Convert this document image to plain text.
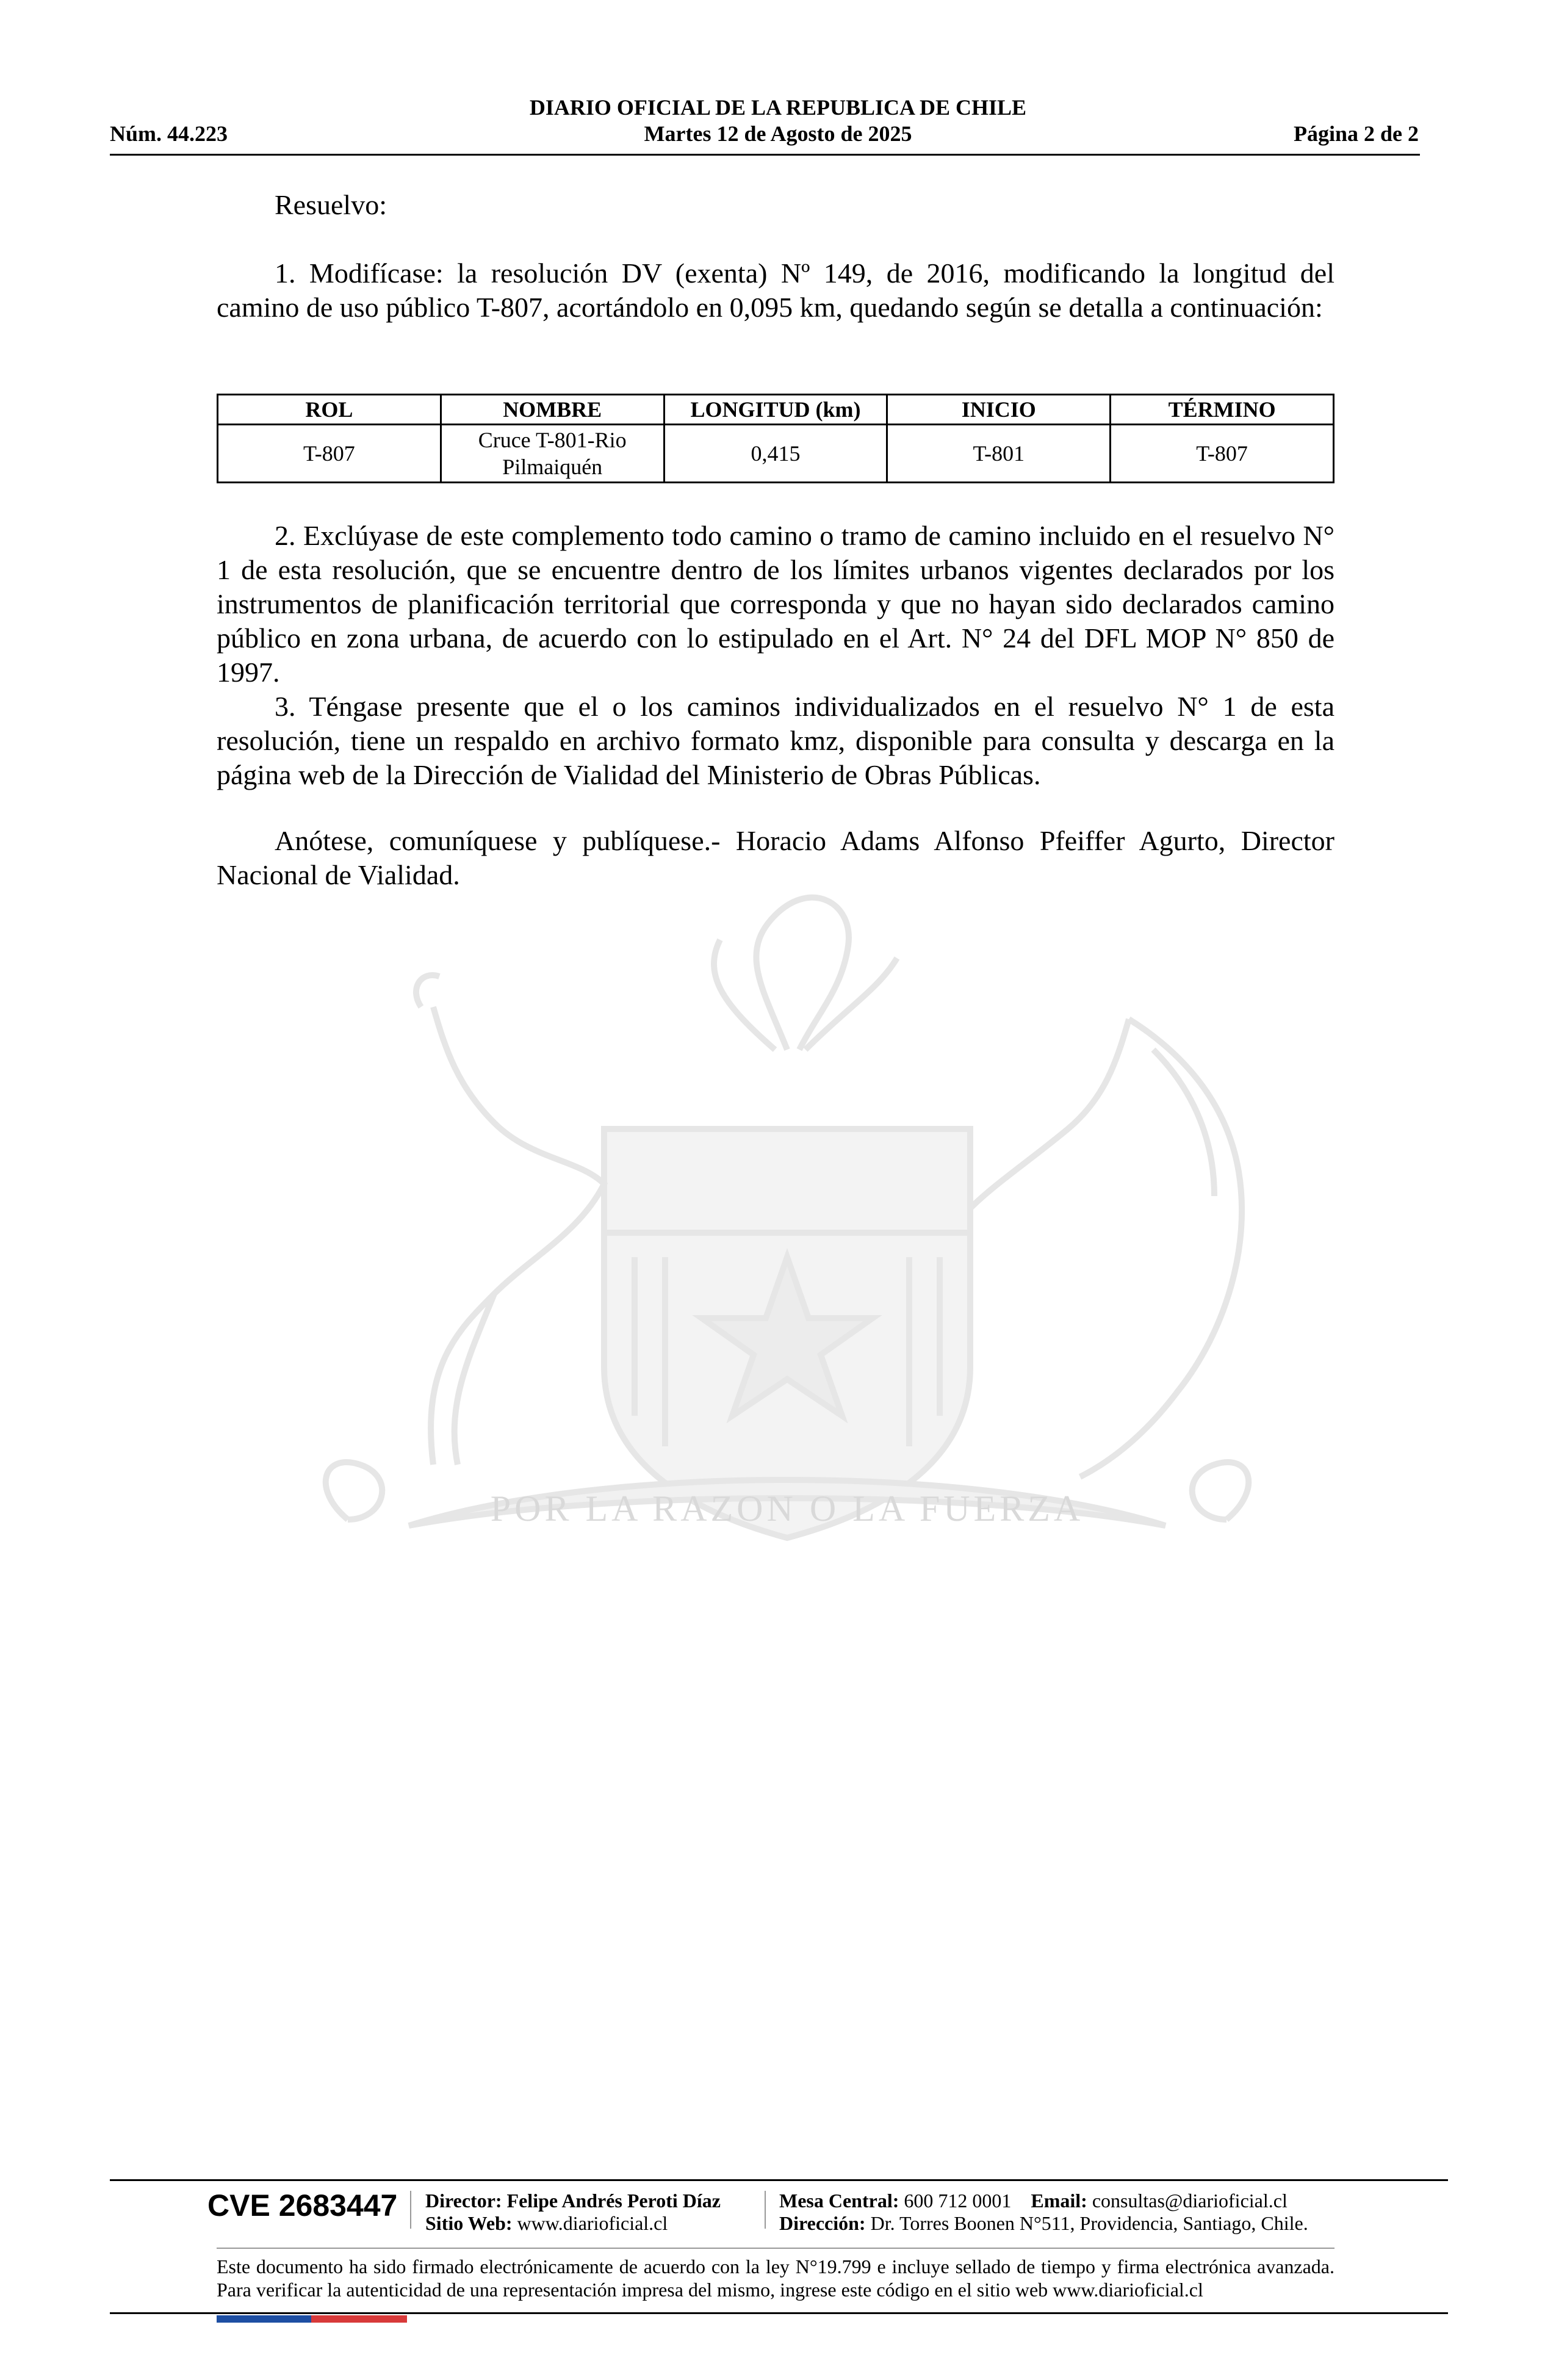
DIARIO OFICIAL DE LA REPUBLICA DE CHILE
Núm. 44.223	Martes 12 de Agosto de 2025	Página 2 de 2
POR LA RAZON O LA FUERZA

Resuelvo:

1. Modifícase: la resolución DV (exenta) Nº 149, de 2016, modificando la longitud del camino de uso público T-807, acortándolo en 0,095 km, quedando según se detalla a continuación:

ROL	NOMBRE	LONGITUD (km)	INICIO	TÉRMINO
T-807	Cruce T-801-Rio Pilmaiquén	0,415	T-801	T-807

2. Exclúyase de este complemento todo camino o tramo de camino incluido en el resuelvo N° 1 de esta resolución, que se encuentre dentro de los límites urbanos vigentes declarados por los instrumentos de planificación territorial que corresponda y que no hayan sido declarados camino público en zona urbana, de acuerdo con lo estipulado en el Art. N° 24 del DFL MOP N° 850 de 1997.

3. Téngase presente que el o los caminos individualizados en el resuelvo N° 1 de esta resolución, tiene un respaldo en archivo formato kmz, disponible para consulta y descarga en la página web de la Dirección de Vialidad del Ministerio de Obras Públicas.

Anótese, comuníquese y publíquese.- Horacio Adams Alfonso Pfeiffer Agurto, Director Nacional de Vialidad.

CVE 2683447 Director: Felipe Andrés Peroti Díaz
Sitio Web: www.diarioficial.cl
Mesa Central: 600 712 0001 Email: consultas@diarioficial.cl
Dirección: Dr. Torres Boonen N°511, Providencia, Santiago, Chile.

Este documento ha sido firmado electrónicamente de acuerdo con la ley N°19.799 e incluye sellado de tiempo y firma electrónica avanzada. Para verificar la autenticidad de una representación impresa del mismo, ingrese este código en el sitio web www.diarioficial.cl
